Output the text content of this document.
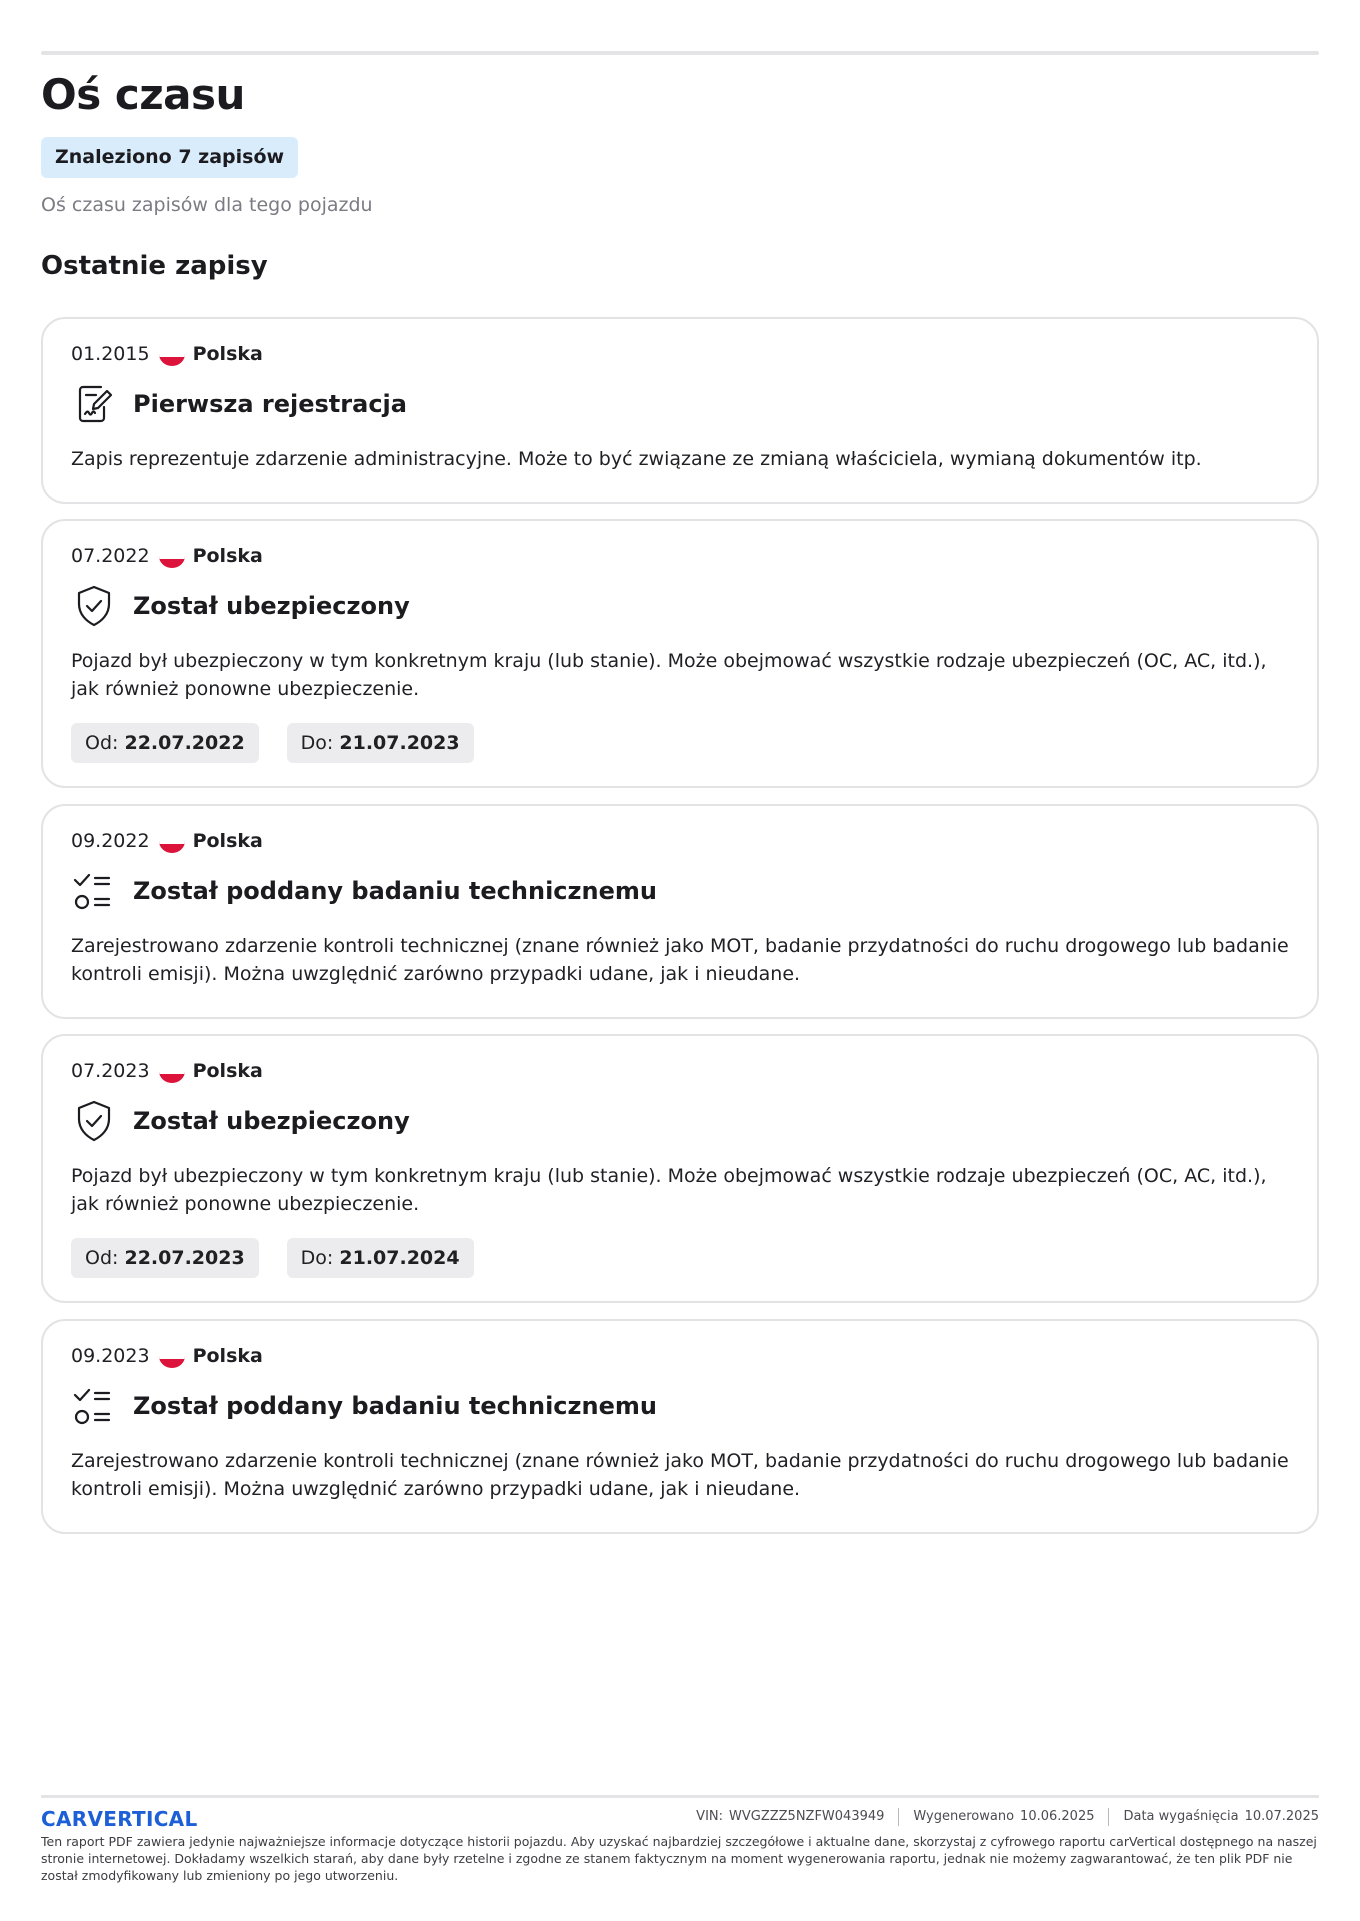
Oś czasu
Znaleziono 7 zapisów
Oś czasu zapisów dla tego pojazdu
Ostatnie zapisy
01.2015 Polska
Pierwsza rejestracja
Zapis reprezentuje zdarzenie administracyjne. Może to być związane ze zmianą właściciela, wymianą dokumentów itp.
07.2022 Polska
Został ubezpieczony
Pojazd był ubezpieczony w tym konkretnym kraju (lub stanie). Może obejmować wszystkie rodzaje ubezpieczeń (OC, AC, itd.), jak również ponowne ubezpieczenie.
Od: 22.07.2022	Do: 21.07.2023
09.2022 Polska
Został poddany badaniu technicznemu
Zarejestrowano zdarzenie kontroli technicznej (znane również jako MOT, badanie przydatności do ruchu drogowego lub badanie kontroli emisji). Można uwzględnić zarówno przypadki udane, jak i nieudane.
07.2023 Polska
Został ubezpieczony
Pojazd był ubezpieczony w tym konkretnym kraju (lub stanie). Może obejmować wszystkie rodzaje ubezpieczeń (OC, AC, itd.), jak również ponowne ubezpieczenie.
Od: 22.07.2023	Do: 21.07.2024
09.2023 Polska
Został poddany badaniu technicznemu
Zarejestrowano zdarzenie kontroli technicznej (znane również jako MOT, badanie przydatności do ruchu drogowego lub badanie kontroli emisji). Można uwzględnić zarówno przypadki udane, jak i nieudane.
CARVERTICAL	VIN: WVGZZZ5NZFW043949 Wygenerowano 10.06.2025 Data wygaśnięcia 10.07.2025
Ten raport PDF zawiera jedynie najważniejsze informacje dotyczące historii pojazdu. Aby uzyskać najbardziej szczegółowe i aktualne dane, skorzystaj z cyfrowego raportu carVertical dostępnego na naszej stronie internetowej. Dokładamy wszelkich starań, aby dane były rzetelne i zgodne ze stanem faktycznym na moment wygenerowania raportu, jednak nie możemy zagwarantować, że ten plik PDF nie został zmodyfikowany lub zmieniony po jego utworzeniu.
